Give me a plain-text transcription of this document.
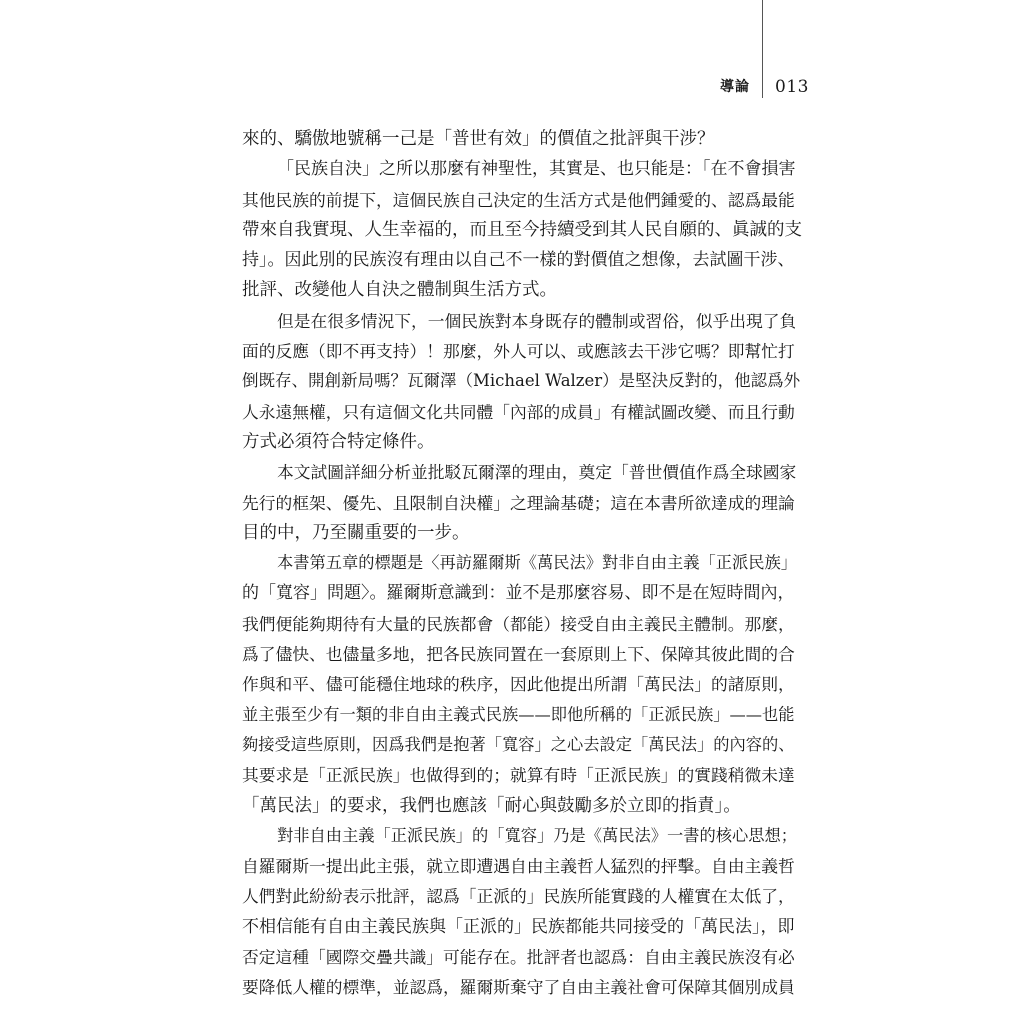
導論 013
來的、驕傲地號稱一己是「普世有效」的價值之批評與干涉？
「民族自決」之所以那麼有神聖性，其實是、也只能是：「在不會損害
其他民族的前提下，這個民族自己決定的生活方式是他們鍾愛的、認爲最能
帶來自我實現、人生幸福的，而且至今持續受到其人民自願的、眞誠的支
持」。因此別的民族沒有理由以自己不一樣的對價值之想像，去試圖干涉、
批評、改變他人自決之體制與生活方式。
但是在很多情況下，一個民族對本身既存的體制或習俗，似乎出現了負
面的反應（即不再支持）！那麼，外人可以、或應該去干涉它嗎？即幫忙打
倒既存、開創新局嗎？瓦爾澤（Michael Walzer）是堅決反對的，他認爲外
人永遠無權，只有這個文化共同體「內部的成員」有權試圖改變、而且行動
方式必須符合特定條件。
本文試圖詳細分析並批駁瓦爾澤的理由，奠定「普世價值作爲全球國家
先行的框架、優先、且限制自決權」之理論基礎；這在本書所欲達成的理論
目的中，乃至關重要的一步。
本書第五章的標題是〈再訪羅爾斯《萬民法》對非自由主義「正派民族」
的「寬容」問題〉。羅爾斯意識到：並不是那麼容易、即不是在短時間內，
我們便能夠期待有大量的民族都會（都能）接受自由主義民主體制。那麼，
爲了儘快、也儘量多地，把各民族同置在一套原則上下、保障其彼此間的合
作與和平、儘可能穩住地球的秩序，因此他提出所謂「萬民法」的諸原則，
並主張至少有一類的非自由主義式民族——即他所稱的「正派民族」——也能
夠接受這些原則，因爲我們是抱著「寬容」之心去設定「萬民法」的內容的、
其要求是「正派民族」也做得到的；就算有時「正派民族」的實踐稍微未達
「萬民法」的要求，我們也應該「耐心與鼓勵多於立即的指責」。
對非自由主義「正派民族」的「寬容」乃是《萬民法》一書的核心思想；
自羅爾斯一提出此主張，就立即遭遇自由主義哲人猛烈的抨擊。自由主義哲
人們對此紛紛表示批評，認爲「正派的」民族所能實踐的人權實在太低了，
不相信能有自由主義民族與「正派的」民族都能共同接受的「萬民法」，即
否定這種「國際交疊共識」可能存在。批評者也認爲：自由主義民族沒有必
要降低人權的標準，並認爲，羅爾斯棄守了自由主義社會可保障其個別成員
